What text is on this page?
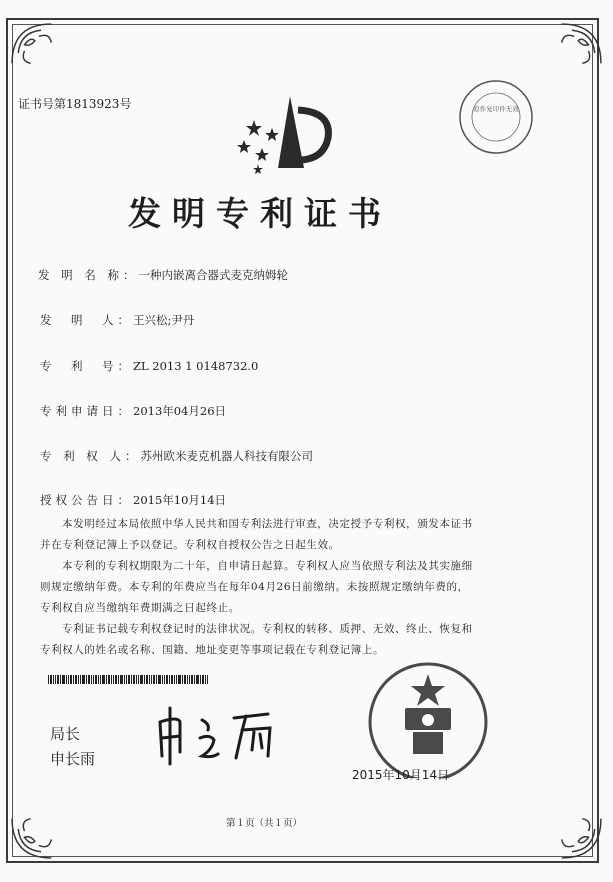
证书号第1813923号	原件复印件无效
发明专利证书
发 明 名 称：一种内嵌离合器式麦克纳姆轮
发　明　人：王兴松;尹丹
专　利　号：ZL 2013 1 0148732.0
专利申请日：2013年04月26日
专 利 权 人：苏州欧米麦克机器人科技有限公司
授权公告日：2015年10月14日
本发明经过本局依照中华人民共和国专利法进行审查，决定授予专利权，颁发本证书
并在专利登记簿上予以登记。专利权自授权公告之日起生效。
本专利的专利权期限为二十年，自申请日起算。专利权人应当依照专利法及其实施细
则规定缴纳年费。本专利的年费应当在每年04月26日前缴纳。未按照规定缴纳年费的，
专利权自应当缴纳年费期满之日起终止。
专利证书记载专利权登记时的法律状况。专利权的转移、质押、无效、终止、恢复和
专利权人的姓名或名称、国籍、地址变更等事项记载在专利登记簿上。
局长
申长雨
2015年10月14日
第１页（共１页）
